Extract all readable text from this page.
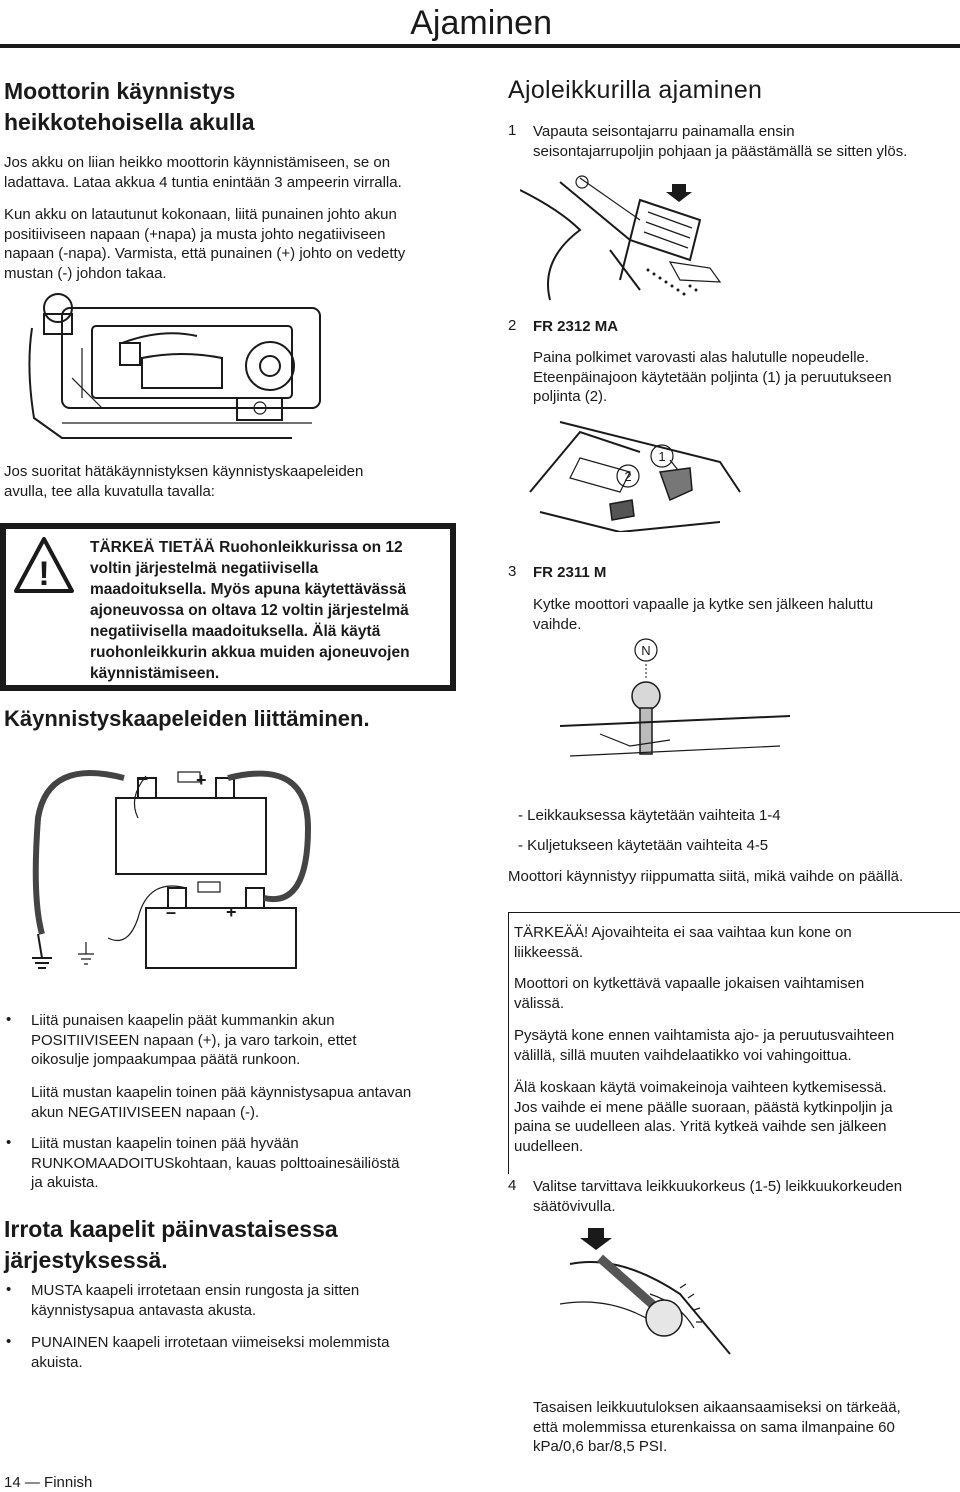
Ajaminen
Moottorin käynnistys
heikkotehoisella akulla
Jos akku on liian heikko moottorin käynnistämiseen, se on
ladattava. Lataa akkua 4 tuntia enintään 3 ampeerin virralla.
Kun akku on latautunut kokonaan, liitä punainen johto akun
positiiviseen napaan (+napa) ja musta johto negatiiviseen
napaan (-napa). Varmista, että punainen (+) johto on vedetty
mustan (-) johdon takaa.
Jos suoritat hätäkäynnistyksen käynnistyskaapeleiden
avulla, tee alla kuvatulla tavalla:
!
TÄRKEÄ TIETÄÄ Ruohonleikkurissa on 12
voltin järjestelmä negatiivisella
maadoituksella. Myös apuna käytettävässä
ajoneuvossa on oltava 12 voltin järjestelmä
negatiivisella maadoituksella. Älä käytä
ruohonleikkurin akkua muiden ajoneuvojen
käynnistämiseen.
Käynnistyskaapeleiden liittäminen.
–	+
–	+
• Liitä punaisen kaapelin päät kummankin akun
POSITIIVISEEN napaan (+), ja varo tarkoin, ettet
oikosulje jompaakumpaa päätä runkoon.
Liitä mustan kaapelin toinen pää käynnistysapua antavan
akun NEGATIIVISEEN napaan (-).
• Liitä mustan kaapelin toinen pää hyvään
RUNKOMAADOITUSkohtaan, kauas polttoainesäiliöstä
ja akuista.
Irrota kaapelit päinvastaisessa
järjestyksessä.
• MUSTA kaapeli irrotetaan ensin rungosta ja sitten
käynnistysapua antavasta akusta.
• PUNAINEN kaapeli irrotetaan viimeiseksi molemmista
akuista.
Ajoleikkurilla ajaminen
1 Vapauta seisontajarru painamalla ensin
seisontajarrupoljin pohjaan ja päästämällä se sitten ylös.
2 FR 2312 MA
Paina polkimet varovasti alas halutulle nopeudelle.
Eteenpäinajoon käytetään poljinta (1) ja peruutukseen
poljinta (2).
2
1
3 FR 2311 M
Kytke moottori vapaalle ja kytke sen jälkeen haluttu
vaihde.
N
- Leikkauksessa käytetään vaihteita 1-4
- Kuljetukseen käytetään vaihteita 4-5
Moottori käynnistyy riippumatta siitä, mikä vaihde on päällä.
TÄRKEÄÄ! Ajovaihteita ei saa vaihtaa kun kone on
liikkeessä.
Moottori on kytkettävä vapaalle jokaisen vaihtamisen
välissä.
Pysäytä kone ennen vaihtamista ajo- ja peruutusvaihteen
välillä, sillä muuten vaihdelaatikko voi vahingoittua.
Älä koskaan käytä voimakeinoja vaihteen kytkemisessä.
Jos vaihde ei mene päälle suoraan, päästä kytkinpoljin ja
paina se uudelleen alas. Yritä kytkeä vaihde sen jälkeen
uudelleen.
4 Valitse tarvittava leikkuukorkeus (1-5) leikkuukorkeuden
säätövivulla.
Tasaisen leikkuutuloksen aikaansaamiseksi on tärkeää,
että molemmissa eturenkaissa on sama ilmanpaine 60
kPa/0,6 bar/8,5 PSI.
14 — Finnish
